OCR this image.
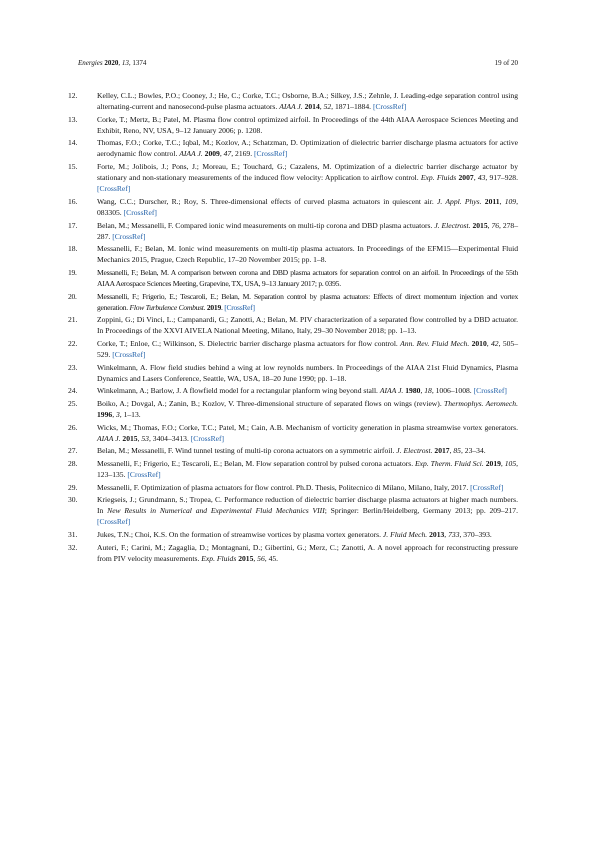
Energies 2020, 13, 1374	19 of 20
12.	Kelley, C.L.; Bowles, P.O.; Cooney, J.; He, C.; Corke, T.C.; Osborne, B.A.; Silkey, J.S.; Zehnle, J. Leading-edge separation control using alternating-current and nanosecond-pulse plasma actuators. AIAA J. 2014, 52, 1871–1884. [CrossRef]
13.	Corke, T.; Mertz, B.; Patel, M. Plasma flow control optimized airfoil. In Proceedings of the 44th AIAA Aerospace Sciences Meeting and Exhibit, Reno, NV, USA, 9–12 January 2006; p. 1208.
14.	Thomas, F.O.; Corke, T.C.; Iqbal, M.; Kozlov, A.; Schatzman, D. Optimization of dielectric barrier discharge plasma actuators for active aerodynamic flow control. AIAA J. 2009, 47, 2169. [CrossRef]
15.	Forte, M.; Jolibois, J.; Pons, J.; Moreau, E.; Touchard, G.; Cazalens, M. Optimization of a dielectric barrier discharge actuator by stationary and non-stationary measurements of the induced flow velocity: Application to airflow control. Exp. Fluids 2007, 43, 917–928. [CrossRef]
16.	Wang, C.C.; Durscher, R.; Roy, S. Three-dimensional effects of curved plasma actuators in quiescent air. J. Appl. Phys. 2011, 109, 083305. [CrossRef]
17.	Belan, M.; Messanelli, F. Compared ionic wind measurements on multi-tip corona and DBD plasma actuators. J. Electrost. 2015, 76, 278–287. [CrossRef]
18.	Messanelli, F.; Belan, M. Ionic wind measurements on multi-tip plasma actuators. In Proceedings of the EFM15—Experimental Fluid Mechanics 2015, Prague, Czech Republic, 17–20 November 2015; pp. 1–8.
19.	Messanelli, F.; Belan, M. A comparison between corona and DBD plasma actuators for separation control on an airfoil. In Proceedings of the 55th AIAA Aerospace Sciences Meeting, Grapevine, TX, USA, 9–13 January 2017; p. 0395.
20.	Messanelli, F.; Frigerio, E.; Tescaroli, E.; Belan, M. Separation control by plasma actuators: Effects of direct momentum injection and vortex generation. Flow Turbulence Combust. 2019. [CrossRef]
21.	Zoppini, G.; Di Vinci, L.; Campanardi, G.; Zanotti, A.; Belan, M. PIV characterization of a separated flow controlled by a DBD actuator. In Proceedings of the XXVI AIVELA National Meeting, Milano, Italy, 29–30 November 2018; pp. 1–13.
22.	Corke, T.; Enloe, C.; Wilkinson, S. Dielectric barrier discharge plasma actuators for flow control. Ann. Rev. Fluid Mech. 2010, 42, 505–529. [CrossRef]
23.	Winkelmann, A. Flow field studies behind a wing at low reynolds numbers. In Proceedings of the AIAA 21st Fluid Dynamics, Plasma Dynamics and Lasers Conference, Seattle, WA, USA, 18–20 June 1990; pp. 1–18.
24.	Winkelmann, A.; Barlow, J. A flowfield model for a rectangular planform wing beyond stall. AIAA J. 1980, 18, 1006–1008. [CrossRef]
25.	Boiko, A.; Dovgal, A.; Zanin, B.; Kozlov, V. Three-dimensional structure of separated flows on wings (review). Thermophys. Aeromech. 1996, 3, 1–13.
26.	Wicks, M.; Thomas, F.O.; Corke, T.C.; Patel, M.; Cain, A.B. Mechanism of vorticity generation in plasma streamwise vortex generators. AIAA J. 2015, 53, 3404–3413. [CrossRef]
27.	Belan, M.; Messanelli, F. Wind tunnel testing of multi-tip corona actuators on a symmetric airfoil. J. Electrost. 2017, 85, 23–34.
28.	Messanelli, F.; Frigerio, E.; Tescaroli, E.; Belan, M. Flow separation control by pulsed corona actuators. Exp. Therm. Fluid Sci. 2019, 105, 123–135. [CrossRef]
29.	Messanelli, F. Optimization of plasma actuators for flow control. Ph.D. Thesis, Politecnico di Milano, Milano, Italy, 2017. [CrossRef]
30.	Kriegseis, J.; Grundmann, S.; Tropea, C. Performance reduction of dielectric barrier discharge plasma actuators at higher mach numbers. In New Results in Numerical and Experimental Fluid Mechanics VIII; Springer: Berlin/Heidelberg, Germany 2013; pp. 209–217. [CrossRef]
31.	Jukes, T.N.; Choi, K.S. On the formation of streamwise vortices by plasma vortex generators. J. Fluid Mech. 2013, 733, 370–393.
32.	Auteri, F.; Carini, M.; Zagaglia, D.; Montagnani, D.; Gibertini, G.; Merz, C.; Zanotti, A. A novel approach for reconstructing pressure from PIV velocity measurements. Exp. Fluids 2015, 56, 45.
